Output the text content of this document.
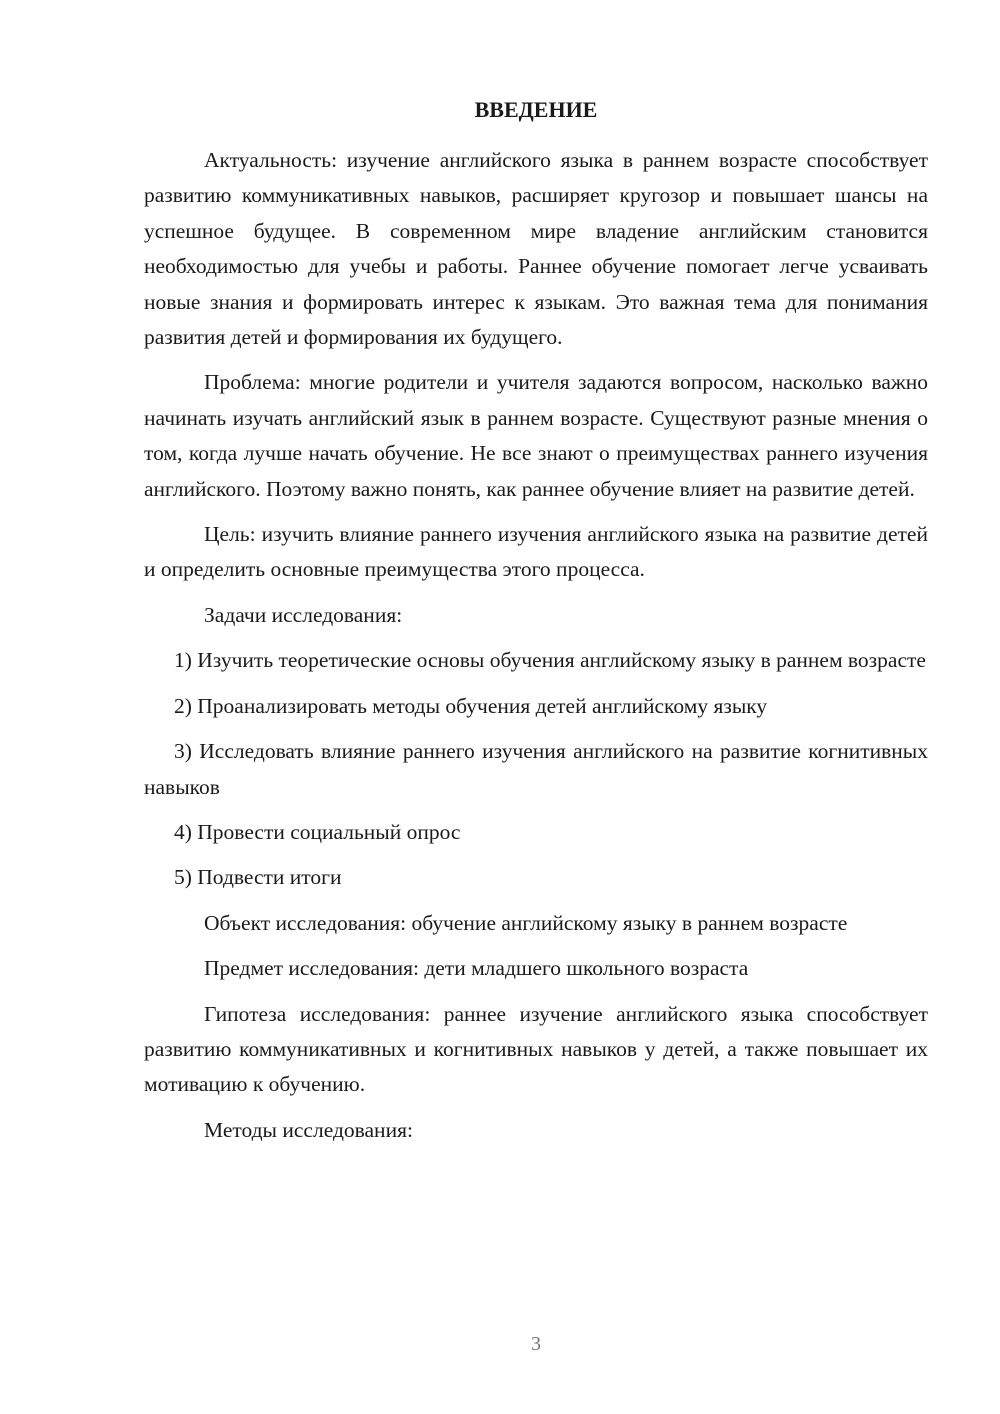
ВВЕДЕНИЕ

Актуальность: изучение английского языка в раннем возрасте способствует развитию коммуникативных навыков, расширяет кругозор и повышает шансы на успешное будущее. В современном мире владение английским становится необходимостью для учебы и работы. Раннее обучение помогает легче усваивать новые знания и формировать интерес к языкам. Это важная тема для понимания развития детей и формирования их будущего.

Проблема: многие родители и учителя задаются вопросом, насколько важно начинать изучать английский язык в раннем возрасте. Существуют разные мнения о том, когда лучше начать обучение. Не все знают о преимуществах раннего изучения английского. Поэтому важно понять, как раннее обучение влияет на развитие детей.

Цель: изучить влияние раннего изучения английского языка на развитие детей и определить основные преимущества этого процесса.

Задачи исследования:

1) Изучить теоретические основы обучения английскому языку в раннем возрасте

2) Проанализировать методы обучения детей английскому языку

3) Исследовать влияние раннего изучения английского на развитие когнитивных навыков

4) Провести социальный опрос

5) Подвести итоги

Объект исследования: обучение английскому языку в раннем возрасте

Предмет исследования: дети младшего школьного возраста

Гипотеза исследования: раннее изучение английского языка способствует развитию коммуникативных и когнитивных навыков у детей, а также повышает их мотивацию к обучению.

Методы исследования:

3
